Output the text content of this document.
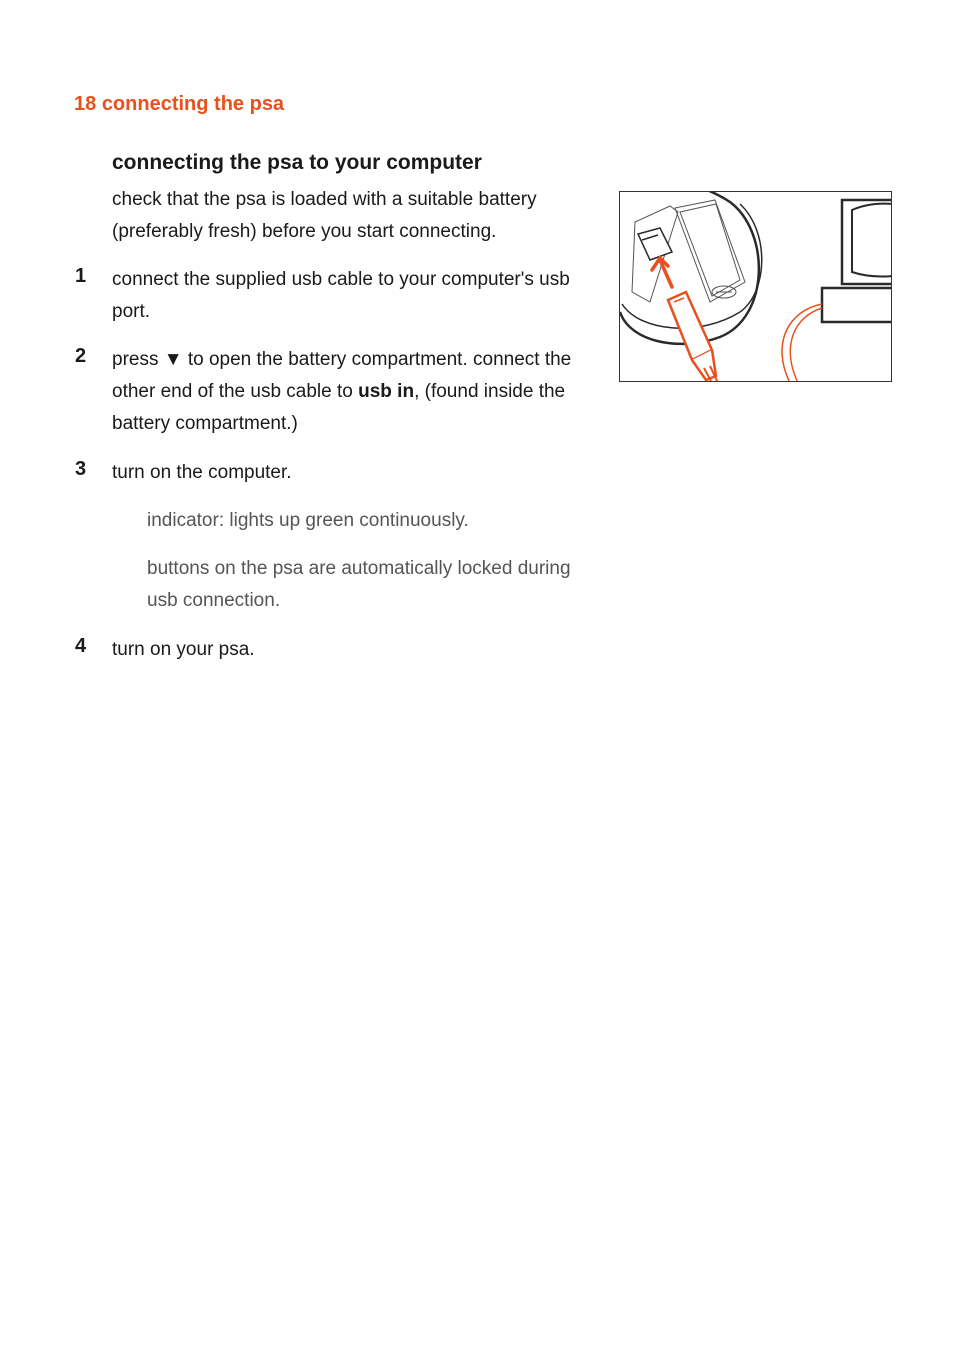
18 connecting the psa
connecting the psa to your computer

check that the psa is loaded with a suitable battery (preferably fresh) before you start connecting.

1 connect the supplied usb cable to your computer's usb port.

2 press ▼ to open the battery compartment. connect the other end of the usb cable to usb in, (found inside the battery compartment.)

3 turn on the computer.

indicator: lights up green continuously.

buttons on the psa are automatically locked during usb connection.

4 turn on your psa.
